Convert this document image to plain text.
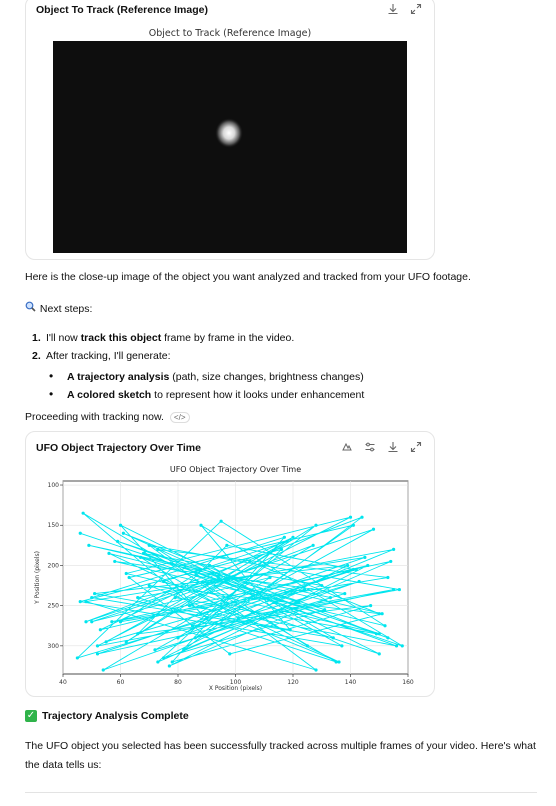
Object To Track (Reference Image)
Object to Track (Reference Image)
Here is the close-up image of the object you want analyzed and tracked from your UFO footage.
Next steps:
1. I'll now track this object frame by frame in the video.
2. After tracking, I'll generate:
• A trajectory analysis (path, size changes, brightness changes)
• A colored sketch to represent how it looks under enhancement
Proceeding with tracking now. </>
UFO Object Trajectory Over Time
40	60	80	100	120	140	160
100
150
200
250
300
UFO Object Trajectory Over Time
X Position (pixels)
Y Position (pixels)
✓ Trajectory Analysis Complete
The UFO object you selected has been successfully tracked across multiple frames of your video. Here's what
the data tells us:
